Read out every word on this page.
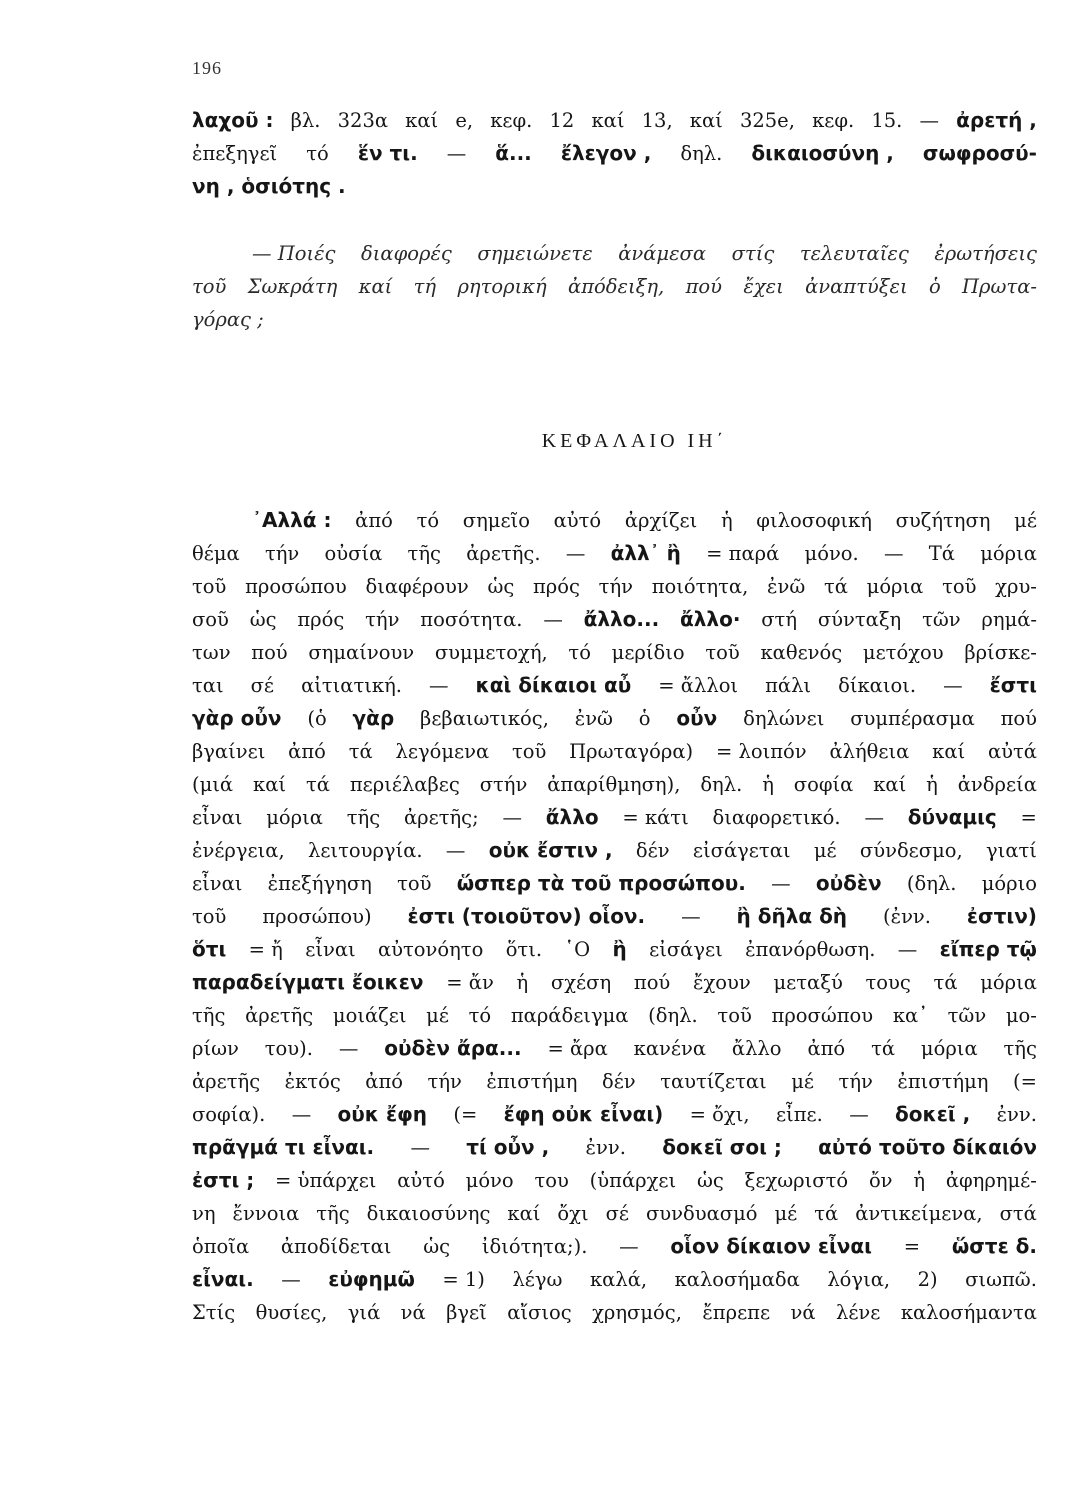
196
λαχοῦ : βλ. 323α καί e, κεφ. 12 καί 13, καί 325e, κεφ. 15. — ἀρετή ,
ἐπεξηγεῖ τό ἕν τι. — ἅ... ἔλεγον , δηλ. δικαιοσύνη , σωφροσύ-
νη , ὁσιότης .
— Ποιές διαφορές σημειώνετε ἀνάμεσα στίς τελευταῖες ἐρωτήσεις
τοῦ Σωκράτη καί τή ρητορική ἀπόδειξη, πού ἔχει ἀναπτύξει ὁ Πρωτα-
γόρας ;
ΚΕΦΑΛΑΙΟ ΙΗ΄
᾿Αλλά : ἀπό τό σημεῖο αὐτό ἀρχίζει ἡ φιλοσοφική συζήτηση μέ
θέμα τήν οὐσία τῆς ἀρετῆς. — ἀλλ᾿ ἢ = παρά μόνο. — Τά μόρια
τοῦ προσώπου διαφέρουν ὡς πρός τήν ποιότητα, ἐνῶ τά μόρια τοῦ χρυ-
σοῦ ὡς πρός τήν ποσότητα. — ἄλλο... ἄλλο· στή σύνταξη τῶν ρημά-
των πού σημαίνουν συμμετοχή, τό μερίδιο τοῦ καθενός μετόχου βρίσκε-
ται σέ αἰτιατική. — καὶ δίκαιοι αὖ = ἄλλοι πάλι δίκαιοι. — ἔστι
γὰρ οὖν (ὁ γὰρ βεβαιωτικός, ἐνῶ ὁ οὖν δηλώνει συμπέρασμα πού
βγαίνει ἀπό τά λεγόμενα τοῦ Πρωταγόρα) = λοιπόν ἀλήθεια καί αὐτά
(μιά καί τά περιέλαβες στήν ἀπαρίθμηση), δηλ. ἡ σοφία καί ἡ ἀνδρεία
εἶναι μόρια τῆς ἀρετῆς; — ἄλλο = κάτι διαφορετικό. — δύναμις =
ἐνέργεια, λειτουργία. — οὐκ ἔστιν , δέν εἰσάγεται μέ σύνδεσμο, γιατί
εἶναι ἐπεξήγηση τοῦ ὥσπερ τὰ τοῦ προσώπου. — οὐδὲν (δηλ. μόριο
τοῦ προσώπου) ἐστι (τοιοῦτον) οἷον. — ἢ δῆλα δὴ (ἐνν. ἐστιν)
ὅτι = ἤ εἶναι αὐτονόητο ὅτι. ῾Ο ἢ εἰσάγει ἐπανόρθωση. — εἴπερ τῷ
παραδείγματι ἔοικεν = ἄν ἡ σχέση πού ἔχουν μεταξύ τους τά μόρια
τῆς ἀρετῆς μοιάζει μέ τό παράδειγμα (δηλ. τοῦ προσώπου κα᾿ τῶν μο-
ρίων του). — οὐδὲν ἄρα... = ἄρα κανένα ἄλλο ἀπό τά μόρια τῆς
ἀρετῆς ἐκτός ἀπό τήν ἐπιστήμη δέν ταυτίζεται μέ τήν ἐπιστήμη (=
σοφία). — οὐκ ἔφη (= ἔφη οὐκ εἶναι) = ὄχι, εἶπε. — δοκεῖ , ἐνν.
πρᾶγμά τι εἶναι. — τί οὖν , ἐνν. δοκεῖ σοι ; αὐτό τοῦτο δίκαιόν
ἐστι ; = ὑπάρχει αὐτό μόνο του (ὑπάρχει ὡς ξεχωριστό ὄν ἡ ἀφηρημέ-
νη ἔννοια τῆς δικαιοσύνης καί ὄχι σέ συνδυασμό μέ τά ἀντικείμενα, στά
ὁποῖα ἀποδίδεται ὡς ἰδιότητα;). — οἷον δίκαιον εἶναι = ὥστε δ.
εἶναι. — εὐφημῶ = 1) λέγω καλά, καλοσήμαδα λόγια, 2) σιωπῶ.
Στίς θυσίες, γιά νά βγεῖ αἴσιος χρησμός, ἔπρεπε νά λένε καλοσήμαντα
